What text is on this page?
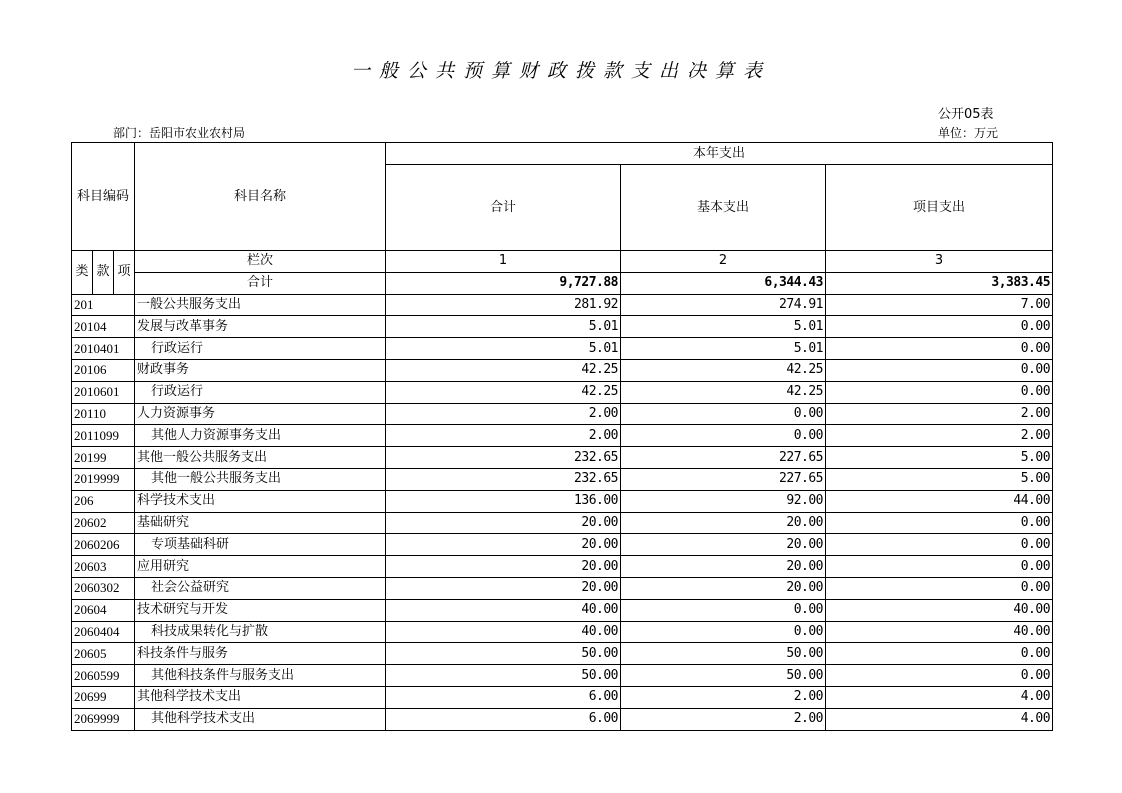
一般公共预算财政拨款支出决算表
公开05表
部门：岳阳市农业农村局	单位：万元
科目编码			科目名称	本年支出		
				合计	基本支出	项目支出
类	款	项	栏次	1	2	3
			合计	9,727.88	6,344.43	3,383.45
201			一般公共服务支出	281.92	274.91	7.00
20104			发展与改革事务	5.01	5.01	0.00
2010401			行政运行	5.01	5.01	0.00
20106			财政事务	42.25	42.25	0.00
2010601			行政运行	42.25	42.25	0.00
20110			人力资源事务	2.00	0.00	2.00
2011099			其他人力资源事务支出	2.00	0.00	2.00
20199			其他一般公共服务支出	232.65	227.65	5.00
2019999			其他一般公共服务支出	232.65	227.65	5.00
206			科学技术支出	136.00	92.00	44.00
20602			基础研究	20.00	20.00	0.00
2060206			专项基础科研	20.00	20.00	0.00
20603			应用研究	20.00	20.00	0.00
2060302			社会公益研究	20.00	20.00	0.00
20604			技术研究与开发	40.00	0.00	40.00
2060404			科技成果转化与扩散	40.00	0.00	40.00
20605			科技条件与服务	50.00	50.00	0.00
2060599			其他科技条件与服务支出	50.00	50.00	0.00
20699			其他科学技术支出	6.00	2.00	4.00
2069999			其他科学技术支出	6.00	2.00	4.00
